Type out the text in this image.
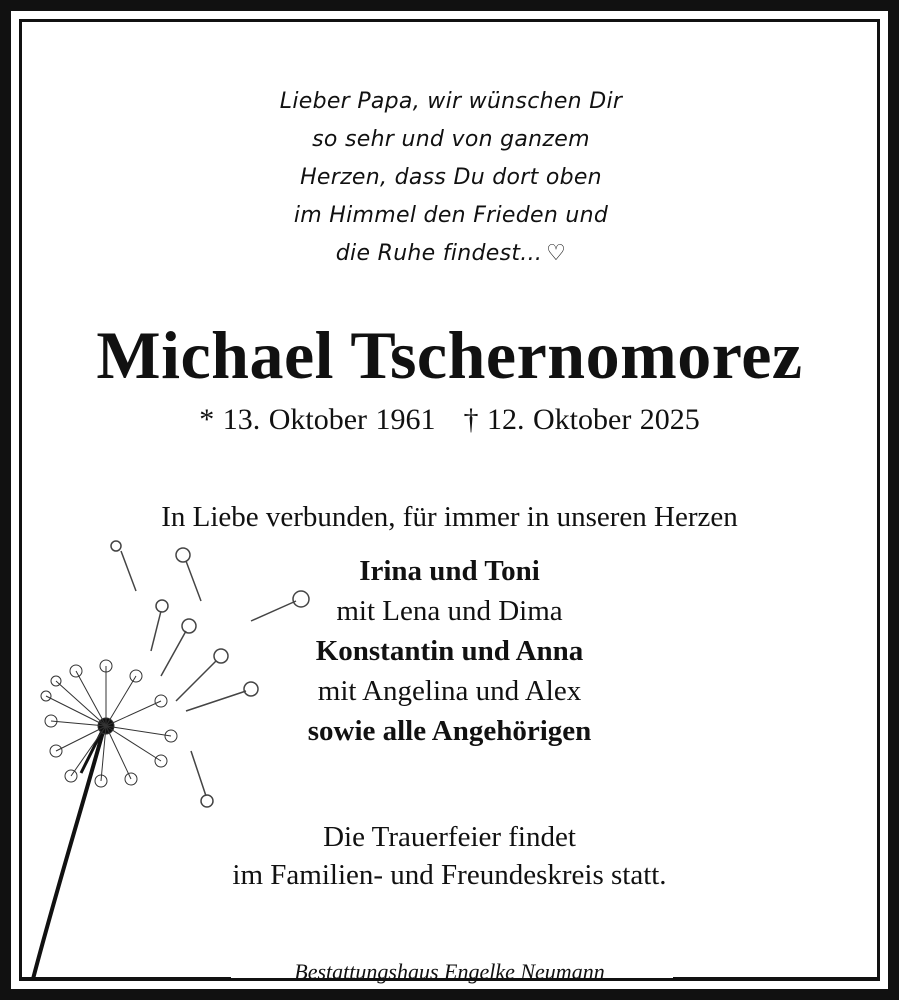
Lieber Papa, wir wünschen Dir
so sehr und von ganzem
Herzen, dass Du dort oben
im Himmel den Frieden und
die Ruhe findest... ♡
Michael Tschernomorez
* 13. Oktober 1961 † 12. Oktober 2025
In Liebe verbunden, für immer in unseren Herzen
Irina und Toni
mit Lena und Dima
Konstantin und Anna
mit Angelina und Alex
sowie alle Angehörigen
Die Trauerfeier findet
im Familien- und Freundeskreis statt.
Bestattungshaus Engelke Neumann
